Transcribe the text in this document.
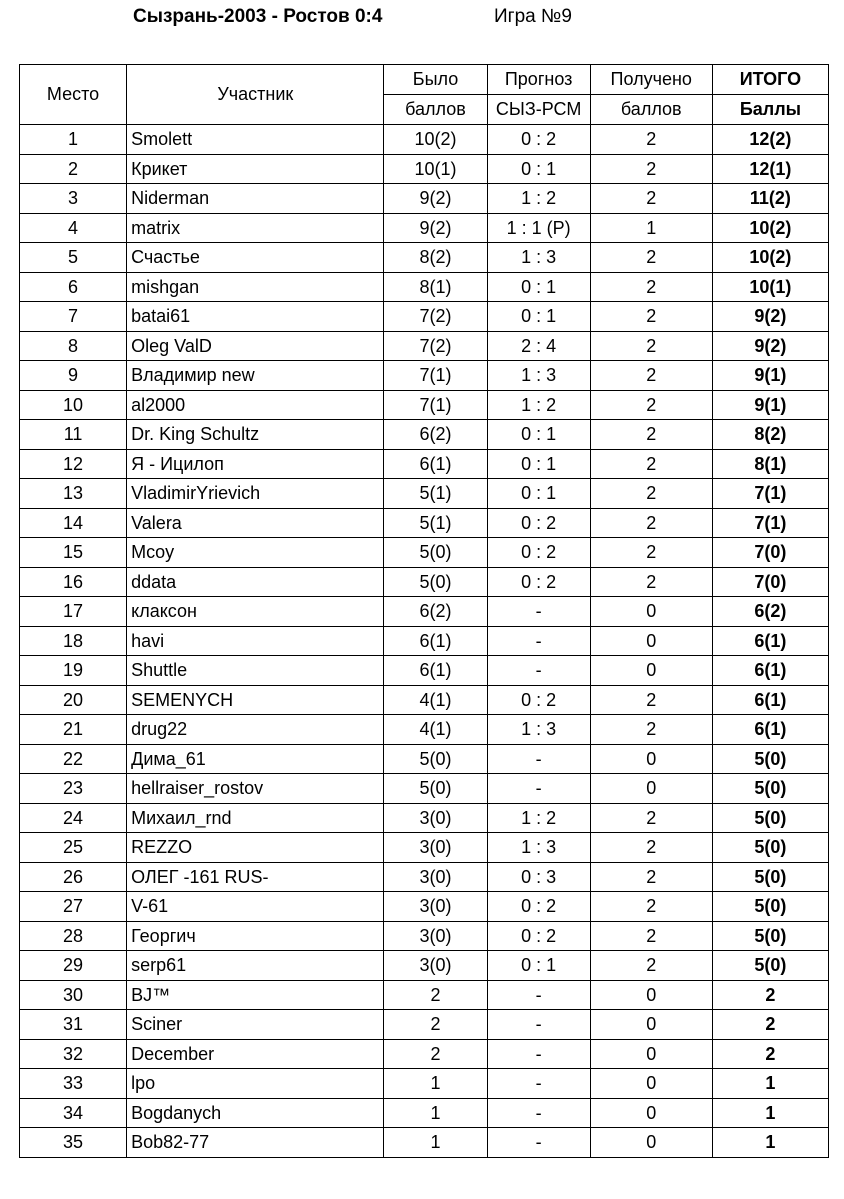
Сызрань-2003 - Ростов 0:4	Игра №9
Место	Участник	Было	Прогноз	Получено	ИТОГО
		баллов	СЫЗ-РСМ	баллов	Баллы
1	Smolett	10(2)	0 : 2	2	12(2)
2	Крикет	10(1)	0 : 1	2	12(1)
3	Niderman	9(2)	1 : 2	2	11(2)
4	matrix	9(2)	1 : 1 (P)	1	10(2)
5	Счастье	8(2)	1 : 3	2	10(2)
6	mishgan	8(1)	0 : 1	2	10(1)
7	batai61	7(2)	0 : 1	2	9(2)
8	Oleg ValD	7(2)	2 : 4	2	9(2)
9	Владимир new	7(1)	1 : 3	2	9(1)
10	al2000	7(1)	1 : 2	2	9(1)
11	Dr. King Schultz	6(2)	0 : 1	2	8(2)
12	Я - Ицилоп	6(1)	0 : 1	2	8(1)
13	VladimirYrievich	5(1)	0 : 1	2	7(1)
14	Valera	5(1)	0 : 2	2	7(1)
15	Mcoy	5(0)	0 : 2	2	7(0)
16	ddata	5(0)	0 : 2	2	7(0)
17	клаксон	6(2)	-	0	6(2)
18	havi	6(1)	-	0	6(1)
19	Shuttle	6(1)	-	0	6(1)
20	SEMENYCH	4(1)	0 : 2	2	6(1)
21	drug22	4(1)	1 : 3	2	6(1)
22	Дима_61	5(0)	-	0	5(0)
23	hellraiser_rostov	5(0)	-	0	5(0)
24	Михаил_rnd	3(0)	1 : 2	2	5(0)
25	REZZO	3(0)	1 : 3	2	5(0)
26	ОЛЕГ -161 RUS-	3(0)	0 : 3	2	5(0)
27	V-61	3(0)	0 : 2	2	5(0)
28	Георгич	3(0)	0 : 2	2	5(0)
29	serp61	3(0)	0 : 1	2	5(0)
30	BJ™	2	-	0	2
31	Sciner	2	-	0	2
32	December	2	-	0	2
33	lpo	1	-	0	1
34	Bogdanych	1	-	0	1
35	Bob82-77	1	-	0	1
